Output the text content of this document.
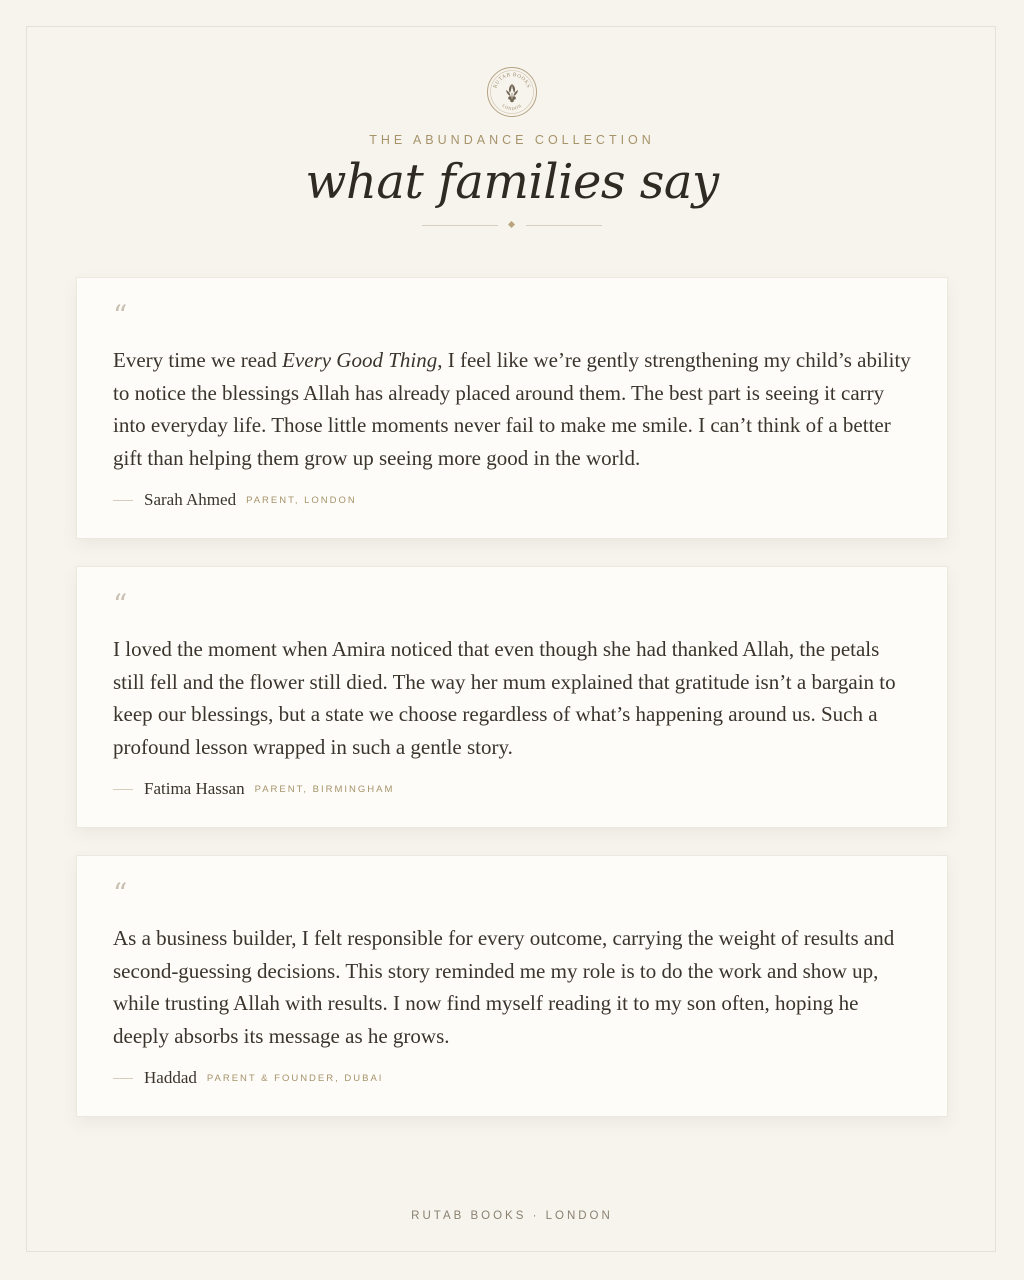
RUTAB BOOKS
LONDON
THE ABUNDANCE COLLECTION
what families say
“

Every time we read Every Good Thing, I feel like we’re gently strengthening my child’s ability to notice the blessings Allah has already placed around them. The best part is seeing it carry into everyday life. Those little moments never fail to make me smile. I can’t think of a better gift than helping them grow up seeing more good in the world.

Sarah Ahmed PARENT, LONDON
“

I loved the moment when Amira noticed that even though she had thanked Allah, the petals still fell and the flower still died. The way her mum explained that gratitude isn’t a bargain to keep our blessings, but a state we choose regardless of what’s happening around us. Such a profound lesson wrapped in such a gentle story.

Fatima Hassan PARENT, BIRMINGHAM
“

As a business builder, I felt responsible for every outcome, carrying the weight of results and second-guessing decisions. This story reminded me my role is to do the work and show up, while trusting Allah with results. I now find myself reading it to my son often, hoping he deeply absorbs its message as he grows.

Haddad PARENT & FOUNDER, DUBAI
RUTAB BOOKS · LONDON
